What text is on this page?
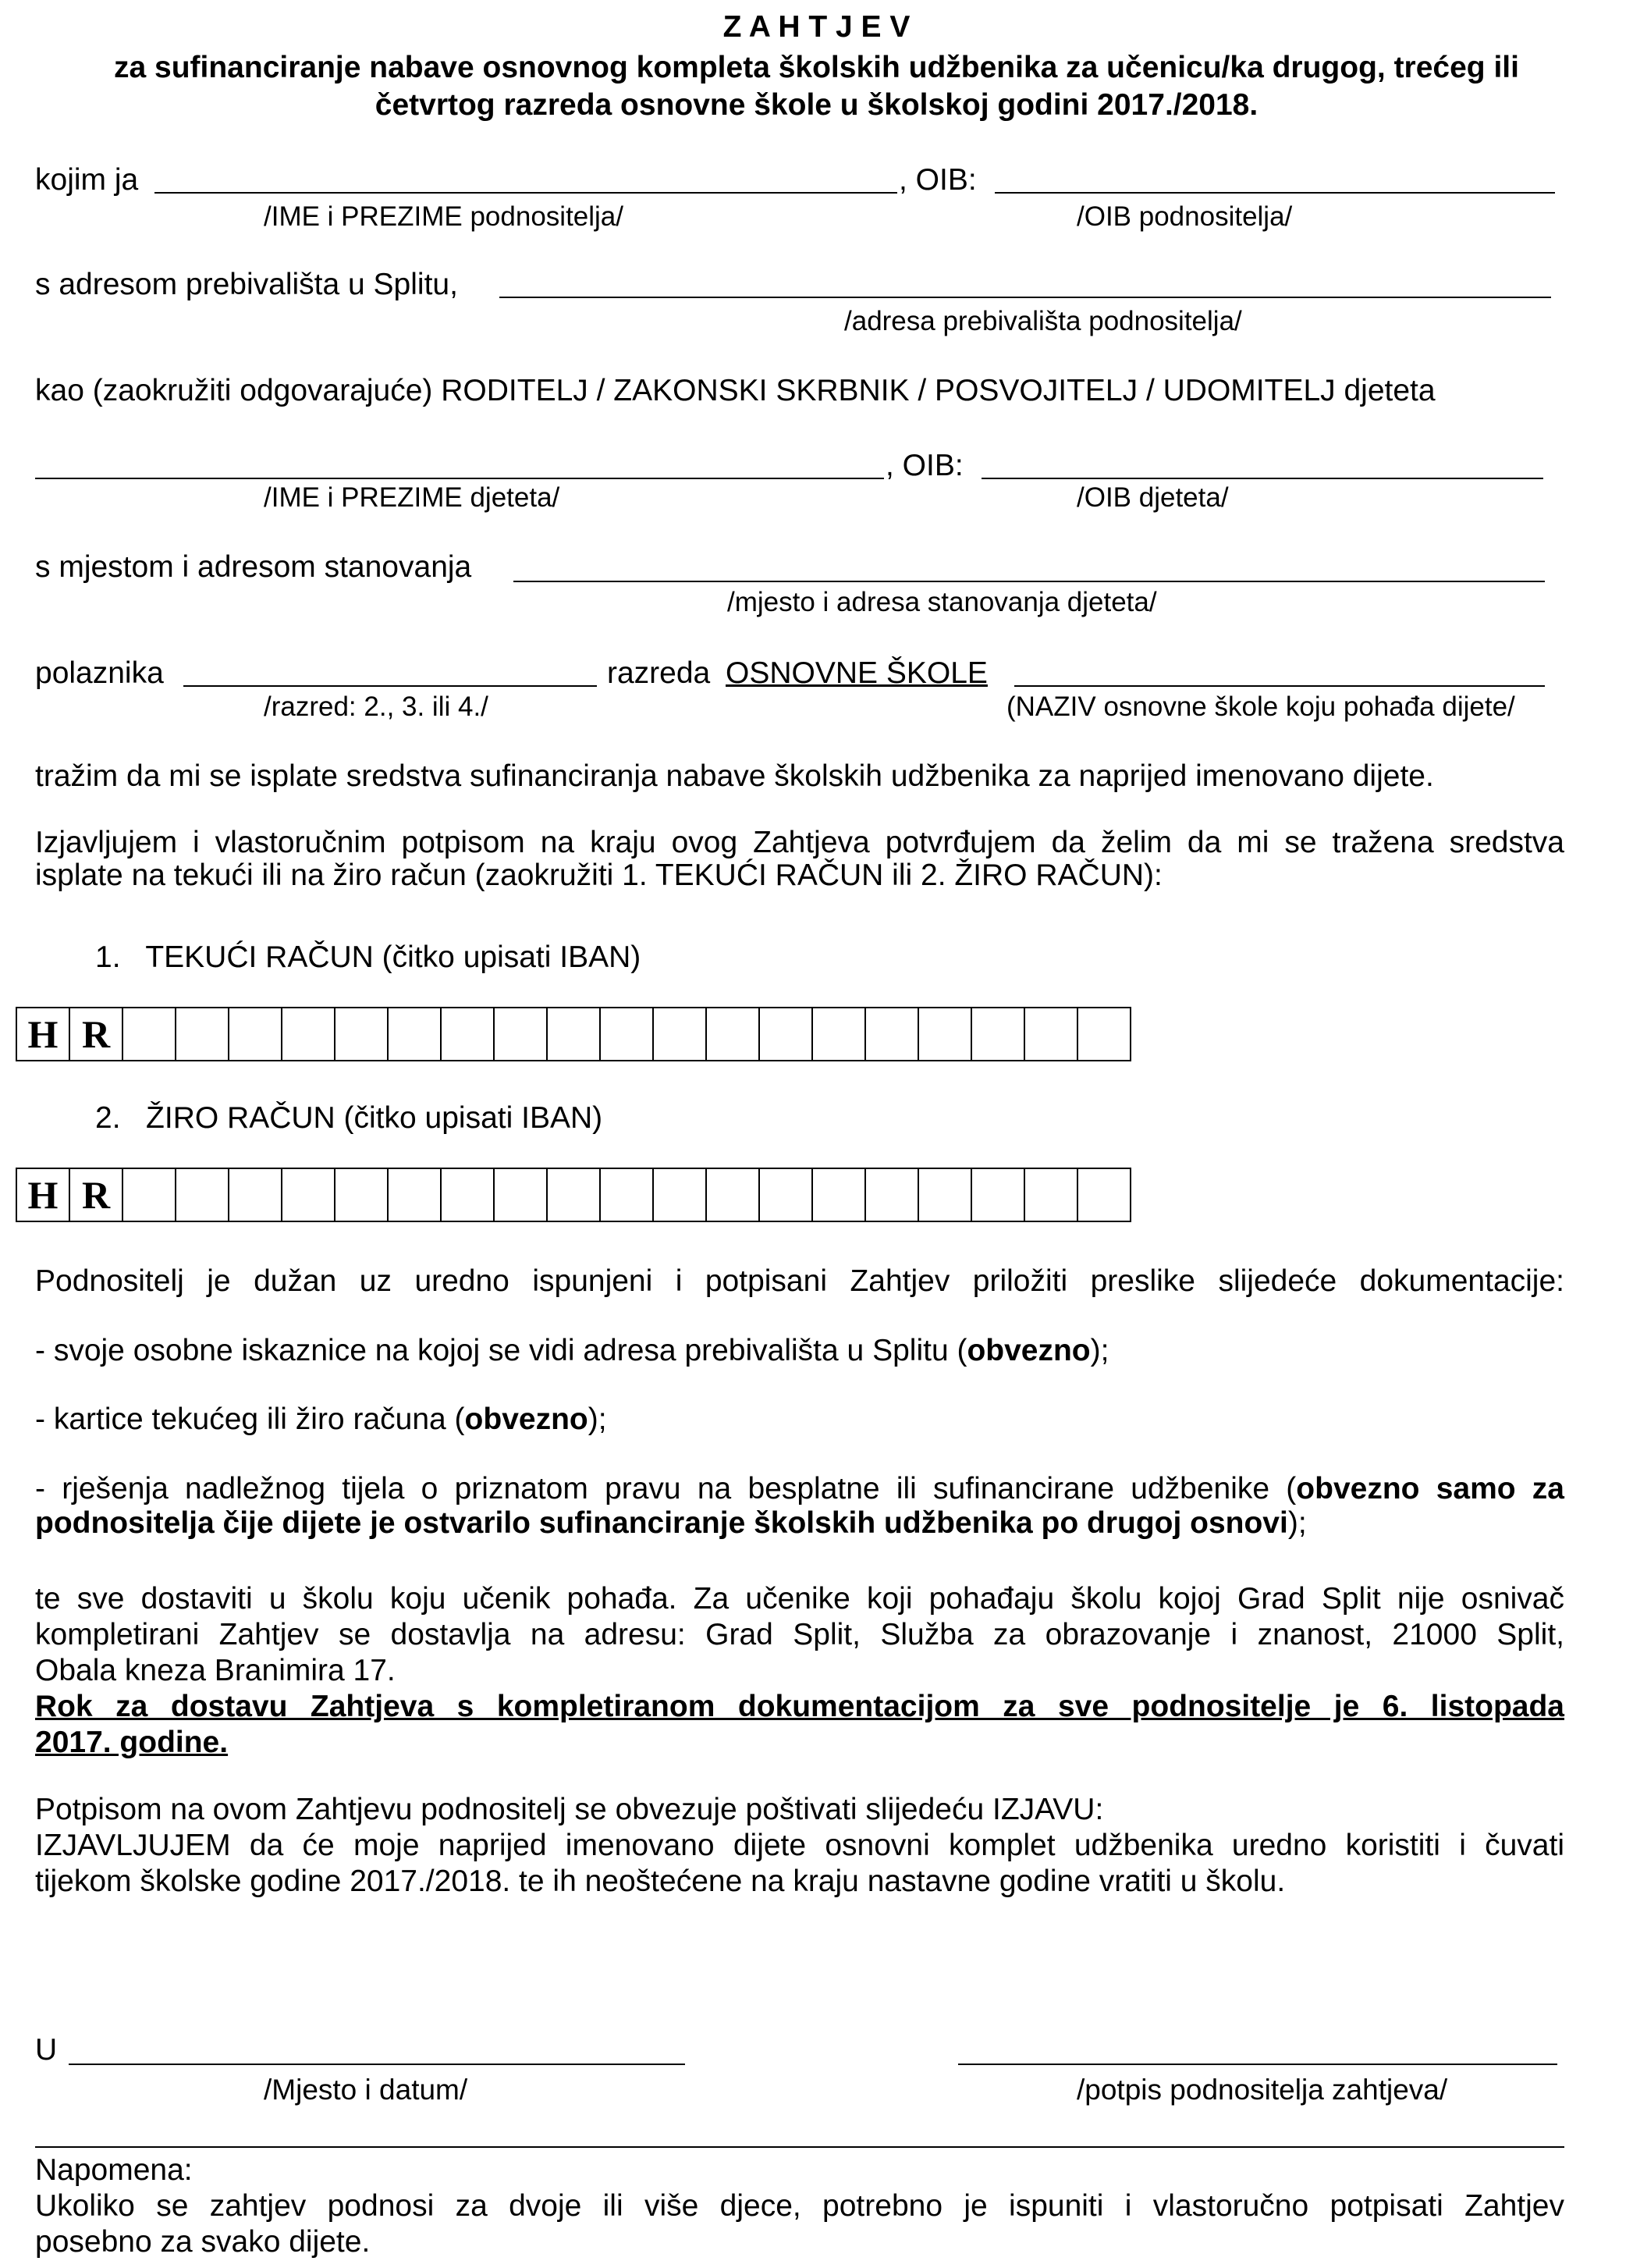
Z A H T J E V
za sufinanciranje nabave osnovnog kompleta školskih udžbenika za učenicu/ka drugog, trećeg ili
četvrtog razreda osnovne škole u školskoj godini 2017./2018.
kojim ja	, OIB:
/IME i PREZIME podnositelja/	/OIB podnositelja/
s adresom prebivališta u Splitu,
/adresa prebivališta podnositelja/
kao (zaokružiti odgovarajuće) RODITELJ / ZAKONSKI SKRBNIK / POSVOJITELJ / UDOMITELJ djeteta
, OIB:
/IME i PREZIME djeteta/	/OIB djeteta/
s mjestom i adresom stanovanja
/mjesto i adresa stanovanja djeteta/
polaznika	razreda OSNOVNE ŠKOLE
/razred: 2., 3. ili 4./	(NAZIV osnovne škole koju pohađa dijete/
tražim da mi se isplate sredstva sufinanciranja nabave školskih udžbenika za naprijed imenovano dijete.
Izjavljujem i vlastoručnim potpisom na kraju ovog Zahtjeva potvrđujem da želim da mi se tražena sredstva
isplate na tekući ili na žiro račun (zaokružiti 1. TEKUĆI RAČUN ili 2. ŽIRO RAČUN):
1.   TEKUĆI RAČUN (čitko upisati IBAN)
H R
2.   ŽIRO RAČUN (čitko upisati IBAN)
H R
Podnositelj je dužan uz uredno ispunjeni i potpisani Zahtjev priložiti preslike slijedeće dokumentacije:
- svoje osobne iskaznice na kojoj se vidi adresa prebivališta u Splitu (obvezno);
- kartice tekućeg ili žiro računa (obvezno);
- rješenja nadležnog tijela o priznatom pravu na besplatne ili sufinancirane udžbenike (obvezno samo za
podnositelja čije dijete je ostvarilo sufinanciranje školskih udžbenika po drugoj osnovi);
te sve dostaviti u školu koju učenik pohađa. Za učenike koji pohađaju školu kojoj Grad Split nije osnivač
kompletirani Zahtjev se dostavlja na adresu: Grad Split, Služba za obrazovanje i znanost, 21000 Split,
Obala kneza Branimira 17.
Rok za dostavu Zahtjeva s kompletiranom dokumentacijom za sve podnositelje je 6. listopada
2017. godine.
Potpisom na ovom Zahtjevu podnositelj se obvezuje poštivati slijedeću IZJAVU:
IZJAVLJUJEM da će moje naprijed imenovano dijete osnovni komplet udžbenika uredno koristiti i čuvati
tijekom školske godine 2017./2018. te ih neoštećene na kraju nastavne godine vratiti u školu.
U
/Mjesto i datum/	/potpis podnositelja zahtjeva/
Napomena:
Ukoliko se zahtjev podnosi za dvoje ili više djece, potrebno je ispuniti i vlastoručno potpisati Zahtjev
posebno za svako dijete.
